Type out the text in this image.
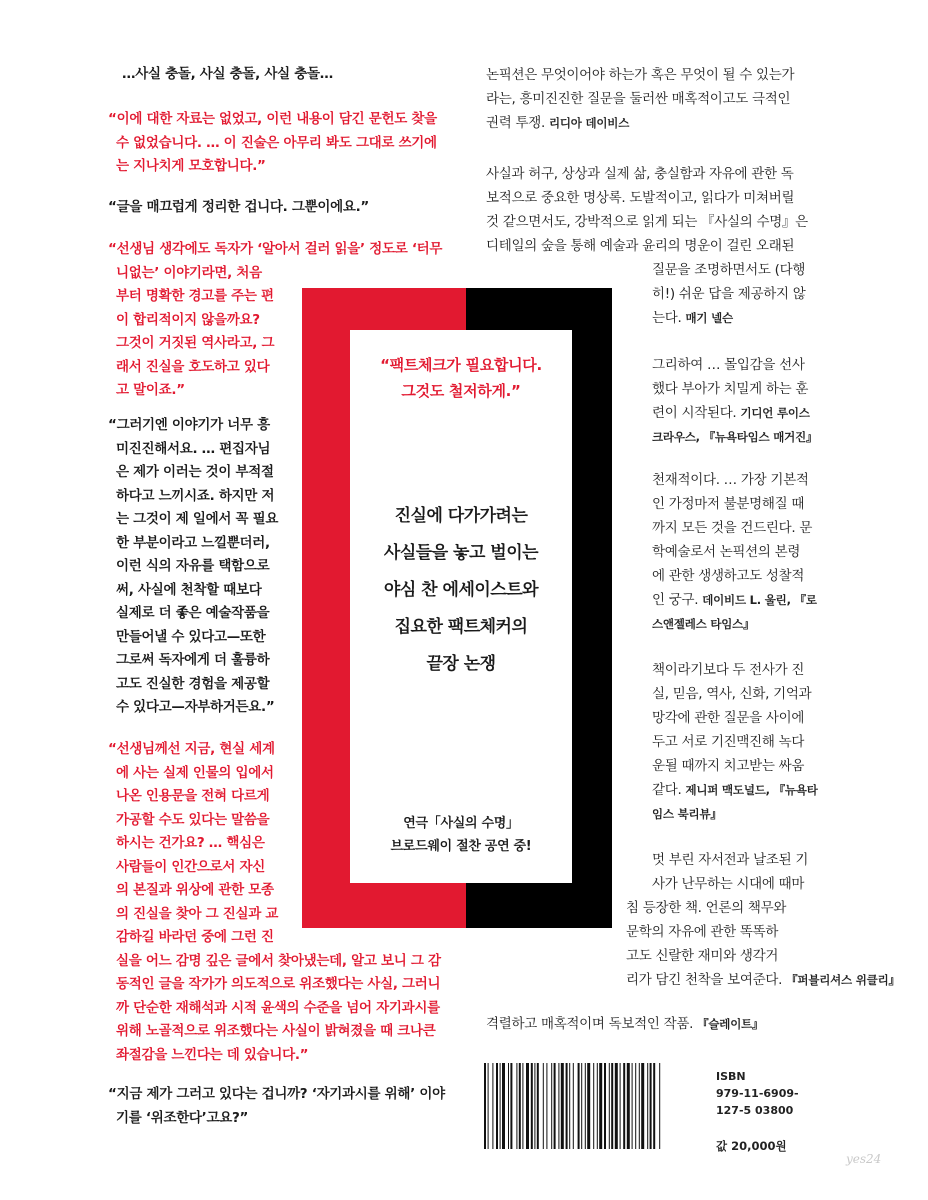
…사실 충돌, 사실 충돌, 사실 충돌…
“이에 대한 자료는 없었고, 이런 내용이 담긴 문헌도 찾을
수 없었습니다. … 이 진술은 아무리 봐도 그대로 쓰기에
는 지나치게 모호합니다.”
“글을 매끄럽게 정리한 겁니다. 그뿐이에요.”
“선생님 생각에도 독자가 ‘알아서 걸러 읽을’ 정도로 ‘터무
니없는’ 이야기라면, 처음
부터 명확한 경고를 주는 편
이 합리적이지 않을까요?
그것이 거짓된 역사라고, 그
래서 진실을 호도하고 있다
고 말이죠.”
“그러기엔 이야기가 너무 흥
미진진해서요. … 편집자님
은 제가 이러는 것이 부적절
하다고 느끼시죠. 하지만 저
는 그것이 제 일에서 꼭 필요
한 부분이라고 느낄뿐더러,
이런 식의 자유를 택함으로
써, 사실에 천착할 때보다
실제로 더 좋은 예술작품을
만들어낼 수 있다고—또한
그로써 독자에게 더 훌륭하
고도 진실한 경험을 제공할
수 있다고—자부하거든요.”
“선생님께선 지금, 현실 세계
에 사는 실제 인물의 입에서
나온 인용문을 전혀 다르게
가공할 수도 있다는 말씀을
하시는 건가요? … 핵심은
사람들이 인간으로서 자신
의 본질과 위상에 관한 모종
의 진실을 찾아 그 진실과 교
감하길 바라던 중에 그런 진
실을 어느 감명 깊은 글에서 찾아냈는데, 알고 보니 그 감
동적인 글을 작가가 의도적으로 위조했다는 사실, 그러니
까 단순한 재해석과 시적 윤색의 수준을 넘어 자기과시를
위해 노골적으로 위조했다는 사실이 밝혀졌을 때 크나큰
좌절감을 느낀다는 데 있습니다.”
“지금 제가 그러고 있다는 겁니까? ‘자기과시를 위해’ 이야
기를 ‘위조한다’고요?”
논픽션은 무엇이어야 하는가 혹은 무엇이 될 수 있는가
라는, 흥미진진한 질문을 둘러싼 매혹적이고도 극적인
권력 투쟁. 리디아 데이비스
사실과 허구, 상상과 실제 삶, 충실함과 자유에 관한 독
보적으로 중요한 명상록. 도발적이고, 읽다가 미쳐버릴
것 같으면서도, 강박적으로 읽게 되는 『사실의 수명』은
디테일의 숲을 통해 예술과 윤리의 명운이 걸린 오래된
질문을 조명하면서도 (다행
히!) 쉬운 답을 제공하지 않
는다. 매기 넬슨
그리하여 … 몰입감을 선사
했다 부아가 치밀게 하는 훈
련이 시작된다. 기디언 루이스
크라우스, 『뉴욕타임스 매거진』
천재적이다. … 가장 기본적
인 가정마저 불분명해질 때
까지 모든 것을 건드린다. 문
학예술로서 논픽션의 본령
에 관한 생생하고도 성찰적
인 궁구. 데이비드 L. 울린, 『로
스앤젤레스 타임스』
책이라기보다 두 전사가 진
실, 믿음, 역사, 신화, 기억과
망각에 관한 질문을 사이에
두고 서로 기진맥진해 녹다
운될 때까지 치고받는 싸움
같다. 제니퍼 맥도널드, 『뉴욕타
임스 북리뷰』
멋 부린 자서전과 날조된 기
사가 난무하는 시대에 때마
침 등장한 책. 언론의 책무와
문학의 자유에 관한 똑똑하
고도 신랄한 재미와 생각거
리가 담긴 천착을 보여준다. 『퍼블리셔스 위클리』
격렬하고 매혹적이며 독보적인 작품. 『슬레이트』
“팩트체크가 필요합니다.
그것도 철저하게.”
진실에 다가가려는
사실들을 놓고 벌이는
야심 찬 에세이스트와
집요한 팩트체커의
끝장 논쟁
연극「사실의 수명」
브로드웨이 절찬 공연 중!
ISBN
979-11-6909-
127-5 03800
값 20,000원
yes24
